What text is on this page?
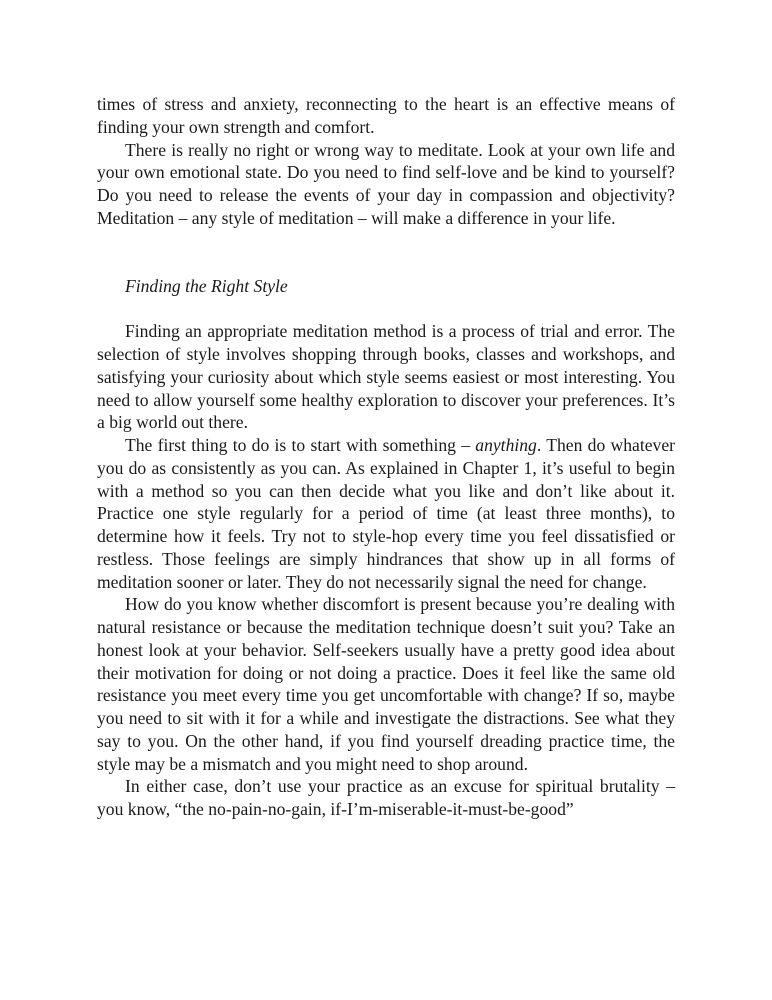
times of stress and anxiety, reconnecting to the heart is an effective means of finding your own strength and comfort.

There is really no right or wrong way to meditate. Look at your own life and your own emotional state. Do you need to find self-love and be kind to yourself? Do you need to release the events of your day in compassion and objectivity? Meditation – any style of meditation – will make a difference in your life.

Finding the Right Style

Finding an appropriate meditation method is a process of trial and error. The selection of style involves shopping through books, classes and workshops, and satisfying your curiosity about which style seems easiest or most interesting. You need to allow yourself some healthy exploration to discover your preferences. It’s a big world out there.

The first thing to do is to start with something – anything. Then do whatever you do as consistently as you can. As explained in Chapter 1, it’s useful to begin with a method so you can then decide what you like and don’t like about it. Practice one style regularly for a period of time (at least three months), to determine how it feels. Try not to style-hop every time you feel dissatisfied or restless. Those feelings are simply hindrances that show up in all forms of meditation sooner or later. They do not necessarily signal the need for change.

How do you know whether discomfort is present because you’re dealing with natural resistance or because the meditation technique doesn’t suit you? Take an honest look at your behavior. Self-seekers usually have a pretty good idea about their motivation for doing or not doing a practice. Does it feel like the same old resistance you meet every time you get uncomfortable with change? If so, maybe you need to sit with it for a while and investigate the distractions. See what they say to you. On the other hand, if you find yourself dreading practice time, the style may be a mismatch and you might need to shop around.

In either case, don’t use your practice as an excuse for spiritual brutality – you know, “the no-pain-no-gain, if-I’m-miserable-it-must-be-good”
